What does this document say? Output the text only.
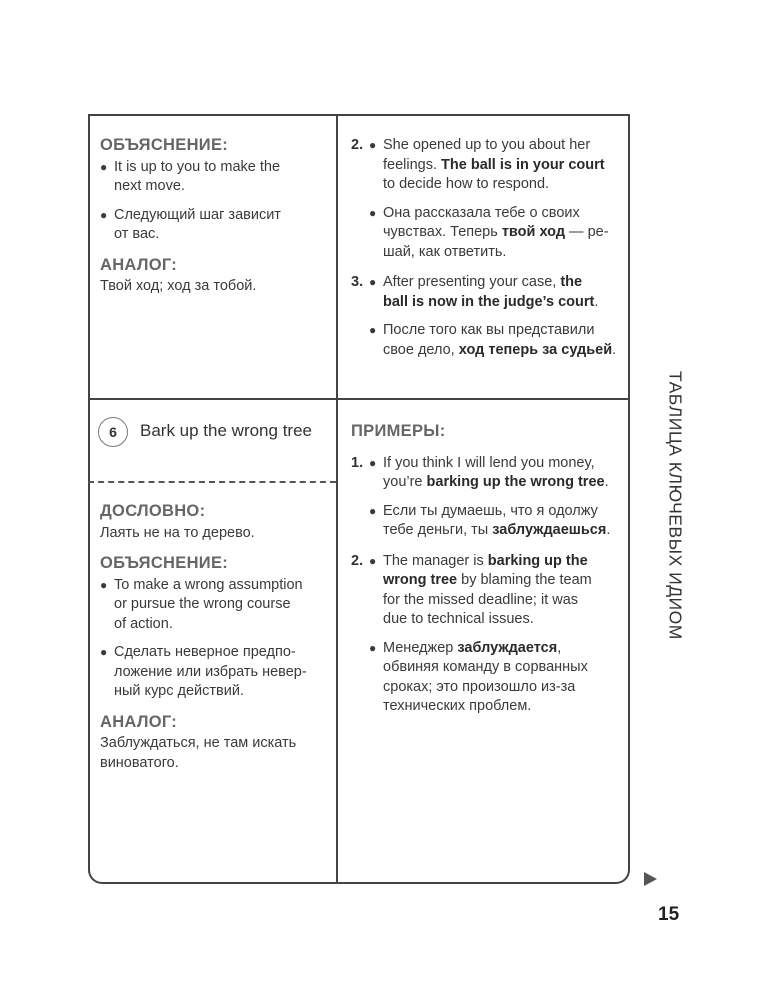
ОБЪЯСНЕНИЕ:
● It is up to you to make the
next move.
● Следующий шаг зависит
от вас.
АНАЛОГ:
Твой ход; ход за тобой.
2. ● She opened up to you about her
feelings. The ball is in your court
to decide how to respond.
● Она рассказала тебе о своих
чувствах. Теперь твой ход — ре-
шай, как ответить.
3. ● After presenting your case, the
ball is now in the judge’s court.
● После того как вы представили
свое дело, ход теперь за судьей.
6	Bark up the wrong tree
ДОСЛОВНО:
Лаять не на то дерево.
ОБЪЯСНЕНИЕ:
● To make a wrong assumption
or pursue the wrong course
of action.
● Сделать неверное предпо-
ложение или избрать невер-
ный курс действий.
АНАЛОГ:
Заблуждаться, не там искать
виноватого.
ПРИМЕРЫ:
1. ● If you think I will lend you money,
you’re barking up the wrong tree.
● Если ты думаешь, что я одолжу
тебе деньги, ты заблуждаешься.
2. ● The manager is barking up the
wrong tree by blaming the team
for the missed deadline; it was
due to technical issues.
● Менеджер заблуждается,
обвиняя команду в сорванных
сроках; это произошло из-за
технических проблем.
ТАБЛИЦА КЛЮЧЕВЫХ ИДИОМ
15
